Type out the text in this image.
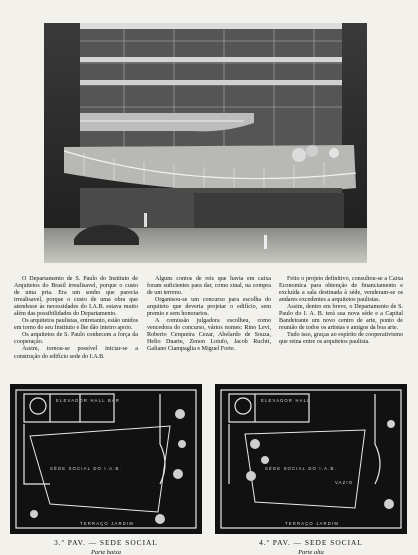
O Departamento de S. Paulo do Instituto de Arquitetos do Brasil irrealisavel, porque o custo de uma pria. Era um sonho que parecia irrealisavel, porque o custo de uma obra que atendesse às necessidades do I.A.B. estava muito além das possibilidades do Departamento.

Os arquitetos paulistas, entretanto, estão unidos em torno do seu Instituto e lhe dão inteiro apoio.

Os arquitetos de S. Paulo conhecem a força da cooperação.

Assim, tornou-se possível iniciar-se a construção do edifício sede do I.A.B.

Alguns contos de reis que havia em caixa foram suficientes para dar, como sinal, na compra de um terreno.

Organisou-se um concurso para escolha do arquiteto que deveria projetar o edifício, sem premio e sem honorarios.

A comissão julgadora escolheu, como vencedora do concurso, vários nomes: Rino Levi, Roberto Cerqueira Cezar, Abelardo de Souza, Helio Duarte, Zenon Lotufo, Jacob Ruchti, Galiano Ciampaglia e Miguel Forte.

Feito o projeto definitivo, consultou-se a Caixa Economica para obtenção de financiamento e excluída a sala destinada à séde, venderam-se os andares excedentes a arquitetos paulistas.

Assim, dentro em breve, o Departamento de S. Paulo do I. A. B. terá sua nova séde e a Capital Bandeirante um novo centro de arte, ponto de reunião de todos os artistas e amigos da boa arte.

Tudo isso, graças ao espírito de cooperativismo que reina entre os arquitetos paulista.

ELEVADOR HALL BAR
SÉDE SOCIAL DO I.A.B.
TERRAÇO JARDIM
ELEVADOR HALL
SÉDE SOCIAL DO I.A.B.
VAZIO
TERRAÇO JARDIM
3.º PAV. — SEDE SOCIAL
Parte baixa
4.º PAV. — SEDE SOCIAL
Parte alta
